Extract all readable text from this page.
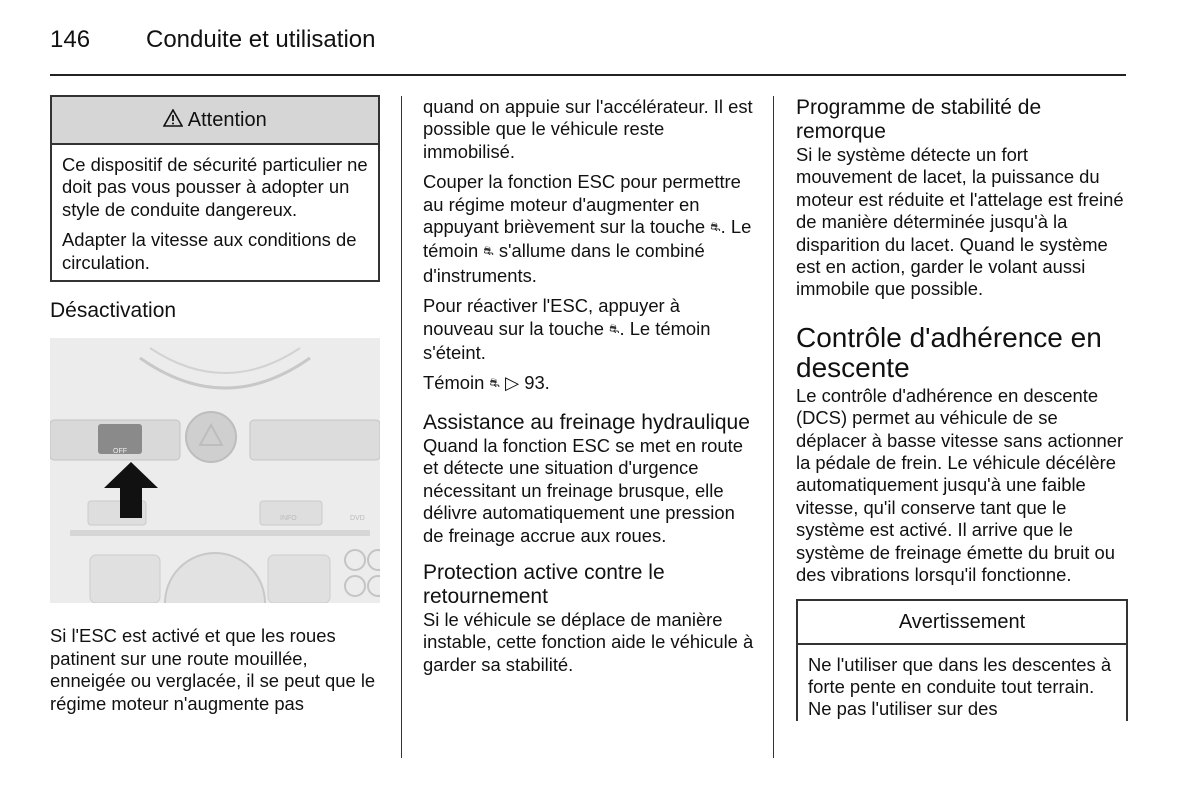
146 Conduite et utilisation
Attention

Ce dispositif de sécurité particulier ne doit pas vous pousser à adopter un style de conduite dangereux.

Adapter la vitesse aux conditions de circulation.

Désactivation
OFF
INFO	DVD

Si l'ESC est activé et que les roues patinent sur une route mouillée, enneigée ou verglacée, il se peut que le régime moteur n'augmente pas

quand on appuie sur l'accélérateur. Il est possible que le véhicule reste immobilisé.

Couper la fonction ESC pour permettre au régime moteur d'augmenter en appuyant brièvement sur la touche ⛐. Le témoin ⛐ s'allume dans le combiné d'instruments.

Pour réactiver l'ESC, appuyer à nouveau sur la touche ⛐. Le témoin s'éteint.

Témoin ⛐ ▷ 93.

Assistance au freinage hydraulique

Quand la fonction ESC se met en route et détecte une situation d'urgence nécessitant un freinage brusque, elle délivre automatiquement une pression de freinage accrue aux roues.

Protection active contre le retournement

Si le véhicule se déplace de manière instable, cette fonction aide le véhicule à garder sa stabilité.

Programme de stabilité de remorque

Si le système détecte un fort mouvement de lacet, la puissance du moteur est réduite et l'attelage est freiné de manière déterminée jusqu'à la disparition du lacet. Quand le système est en action, garder le volant aussi immobile que possible.

Contrôle d'adhérence en descente

Le contrôle d'adhérence en descente (DCS) permet au véhicule de se déplacer à basse vitesse sans actionner la pédale de frein. Le véhicule décélère automatiquement jusqu'à une faible vitesse, qu'il conserve tant que le système est activé. Il arrive que le système de freinage émette du bruit ou des vibrations lorsqu'il fonctionne.

Avertissement

Ne l'utiliser que dans les descentes à forte pente en conduite tout terrain. Ne pas l'utiliser sur des
